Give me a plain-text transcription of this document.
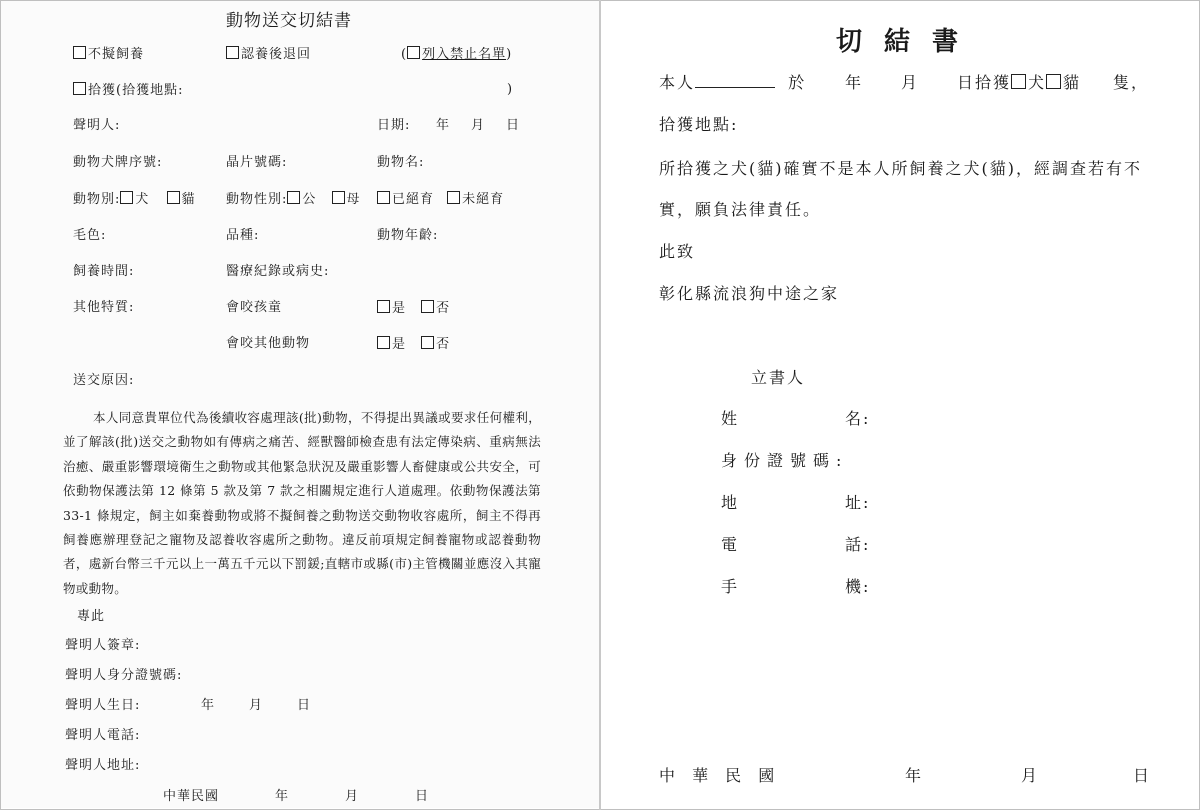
動物送交切結書
不擬飼養	認養後退回	( 列入禁止名單)
拾獲(拾獲地點:	)
聲明人:	日期: 年 月 日
動物犬牌序號:	晶片號碼:	動物名:
動物別: 犬 貓 動物性別: 公 母	已絕育 未絕育
毛色:	品種:	動物年齡:
飼養時間:	醫療紀錄或病史:
其他特質:	會咬孩童	是 否
會咬其他動物	是 否
送交原因:
本人同意貴單位代為後續收容處理該(批)動物，不得提出異議或要求任何權利，並了解該(批)送交之動物如有傳病之痛苦、經獸醫師檢查患有法定傳染病、重病無法治癒、嚴重影響環境衛生之動物或其他緊急狀況及嚴重影響人畜健康或公共安全，可依動物保護法第 12 條第 5 款及第 7 款之相關規定進行人道處理。依動物保護法第 33-1 條規定，飼主如棄養動物或將不擬飼養之動物送交動物收容處所，飼主不得再飼養應辦理登記之寵物及認養收容處所之動物。違反前項規定飼養寵物或認養動物者，處新台幣三千元以上一萬五千元以下罰鍰;直轄市或縣(市)主管機關並應沒入其寵物或動物。
專此
聲明人簽章:
聲明人身分證號碼:
聲明人生日:	年	月	日
聲明人電話:
聲明人地址:
中華民國	年	月	日
切結書
本人	於 年 月 日拾獲 犬 貓 隻，
拾獲地點:
所拾獲之犬(貓)確實不是本人所飼養之犬(貓)，經調查若有不
實，願負法律責任。
此致
彰化縣流浪狗中途之家
立書人
姓	名:
身份證號碼:
地	址:
電	話:
手	機:
中 華 民 國	年	月	日
